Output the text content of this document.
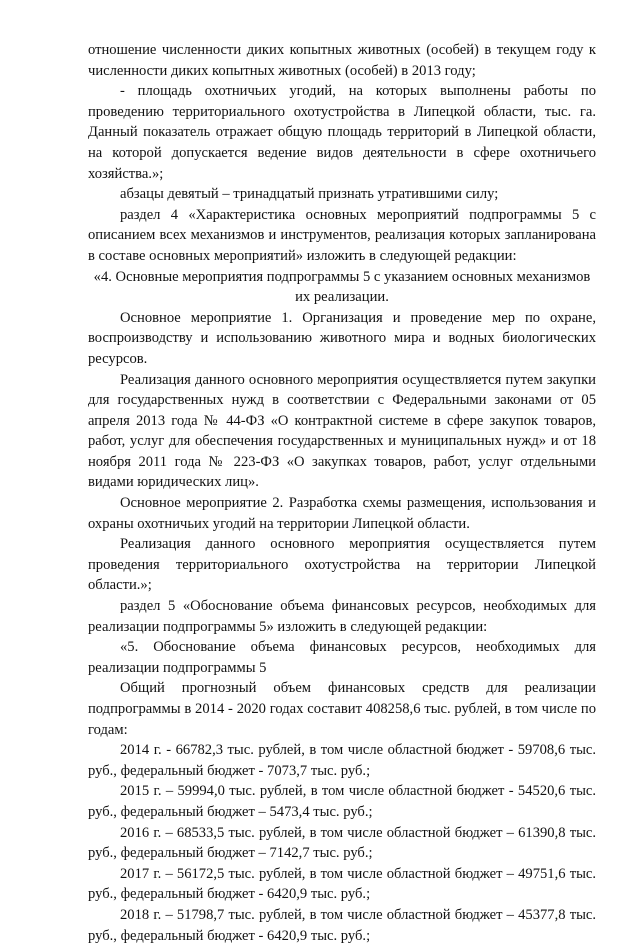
отношение численности диких копытных животных (особей) в текущем году к численности диких копытных животных (особей) в 2013 году;

- площадь охотничьих угодий, на которых выполнены работы по проведению территориального охотустройства в Липецкой области, тыс. га. Данный показатель отражает общую площадь территорий в Липецкой области, на которой допускается ведение видов деятельности в сфере охотничьего хозяйства.»;

абзацы девятый – тринадцатый признать утратившими силу;

раздел 4 «Характеристика основных мероприятий подпрограммы 5 с описанием всех механизмов и инструментов, реализация которых запланирована в составе основных мероприятий» изложить в следующей редакции:

«4. Основные мероприятия подпрограммы 5 с указанием основных механизмов их реализации.

Основное мероприятие 1. Организация и проведение мер по охране, воспроизводству и использованию животного мира и водных биологических ресурсов.

Реализация данного основного мероприятия осуществляется путем закупки для государственных нужд в соответствии с Федеральными законами от 05 апреля 2013 года № 44-ФЗ «О контрактной системе в сфере закупок товаров, работ, услуг для обеспечения государственных и муниципальных нужд» и от 18 ноября 2011 года № 223-ФЗ «О закупках товаров, работ, услуг отдельными видами юридических лиц».

Основное мероприятие 2. Разработка схемы размещения, использования и охраны охотничьих угодий на территории Липецкой области.

Реализация данного основного мероприятия осуществляется путем проведения территориального охотустройства на территории Липецкой области.»;

раздел 5 «Обоснование объема финансовых ресурсов, необходимых для реализации подпрограммы 5» изложить в следующей редакции:

«5. Обоснование объема финансовых ресурсов, необходимых для реализации подпрограммы 5

Общий прогнозный объем финансовых средств для реализации подпрограммы в 2014 - 2020 годах составит 408258,6 тыс. рублей, в том числе по годам:

2014 г. - 66782,3 тыс. рублей, в том числе областной бюджет - 59708,6 тыс. руб., федеральный бюджет - 7073,7 тыс. руб.;

2015 г. – 59994,0 тыс. рублей, в том числе областной бюджет - 54520,6 тыс. руб., федеральный бюджет – 5473,4 тыс. руб.;

2016 г. – 68533,5 тыс. рублей, в том числе областной бюджет – 61390,8 тыс. руб., федеральный бюджет – 7142,7 тыс. руб.;

2017 г. – 56172,5 тыс. рублей, в том числе областной бюджет – 49751,6 тыс. руб., федеральный бюджет - 6420,9 тыс. руб.;

2018 г. – 51798,7 тыс. рублей, в том числе областной бюджет – 45377,8 тыс. руб., федеральный бюджет - 6420,9 тыс. руб.;
